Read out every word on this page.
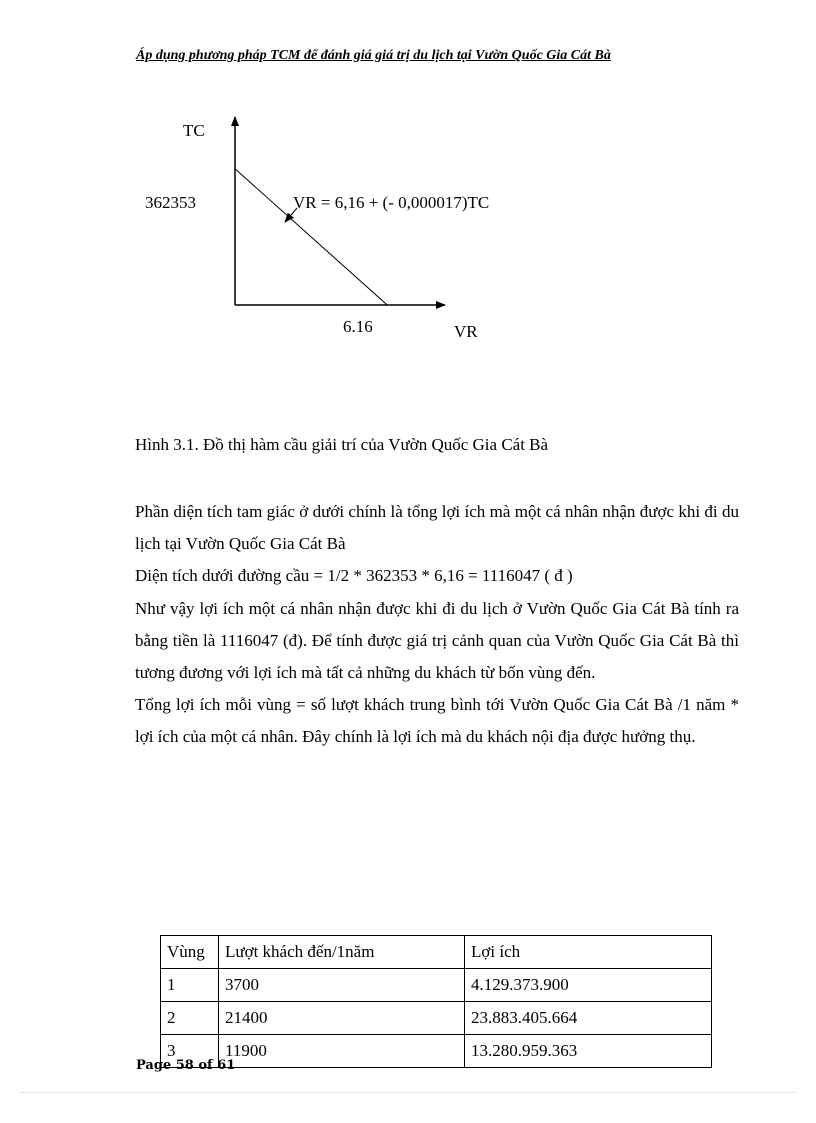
Áp dụng phương pháp TCM để đánh giá giá trị du lịch tại Vườn Quốc Gia Cát Bà
TC
362353	VR = 6,16 + (- 0,000017)TC
6.16	VR
Hình 3.1. Đồ thị hàm cầu giải trí của Vườn Quốc Gia Cát Bà

Phần diện tích tam giác ở dưới chính là tổng lợi ích mà một cá nhân nhận được khi đi du lịch tại Vườn Quốc Gia Cát Bà

Diện tích dưới đường cầu = 1/2 * 362353 * 6,16 = 1116047 ( đ )

Như vậy lợi ích một cá nhân nhận được khi đi du lịch ở Vườn Quốc Gia Cát Bà tính ra bằng tiền là 1116047 (đ). Để tính được giá trị cảnh quan của Vườn Quốc Gia Cát Bà thì tương đương với lợi ích mà tất cả những du khách từ bốn vùng đến.

Tổng lợi ích mỗi vùng = số lượt khách trung bình tới Vườn Quốc Gia Cát Bà /1 năm * lợi ích của một cá nhân. Đây chính là lợi ích mà du khách nội địa được hưởng thụ.

Vùng	Lượt khách đến/1năm	Lợi ích
1	3700	4.129.373.900
2	21400	23.883.405.664
3	11900	13.280.959.363
Page 58 of 61
